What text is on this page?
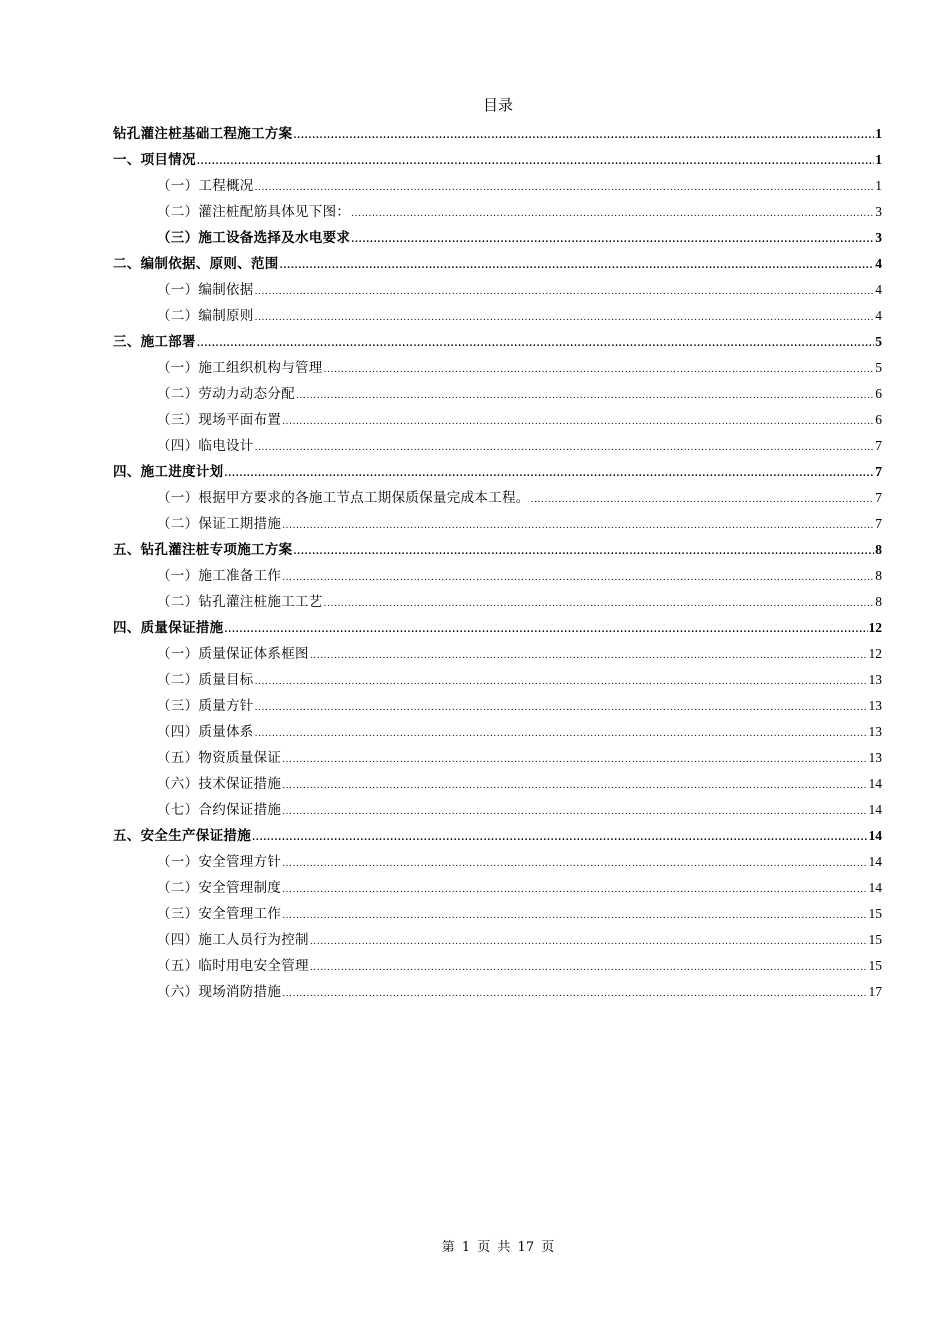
目录
钻孔灌注桩基础工程施工方案 .....	1
一、项目情况 .....	1
（一）工程概况 .....	1
（二）灌注桩配筋具体见下图： .....	3
（三）施工设备选择及水电要求 .....	3
二、编制依据、原则、范围 .....	4
（一）编制依据 .....	4
（二）编制原则 .....	4
三、施工部署 .....	5
（一）施工组织机构与管理 .....	5
（二）劳动力动态分配 .....	6
（三）现场平面布置 .....	6
（四）临电设计 .....	7
四、施工进度计划 .....	7
（一）根据甲方要求的各施工节点工期保质保量完成本工程。 .....	7
（二）保证工期措施 .....	7
五、钻孔灌注桩专项施工方案 .....	8
（一）施工准备工作 .....	8
（二）钻孔灌注桩施工工艺 .....	8
四、质量保证措施 .....	12
（一）质量保证体系框图 .....	12
（二）质量目标 .....	13
（三）质量方针 .....	13
（四）质量体系 .....	13
（五）物资质量保证 .....	13
（六）技术保证措施 .....	14
（七）合约保证措施 .....	14
五、安全生产保证措施 .....	14
（一）安全管理方针 .....	14
（二）安全管理制度 .....	14
（三）安全管理工作 .....	15
（四）施工人员行为控制 .....	15
（五）临时用电安全管理 .....	15
（六）现场消防措施 .....	17
第 1 页 共 17 页
